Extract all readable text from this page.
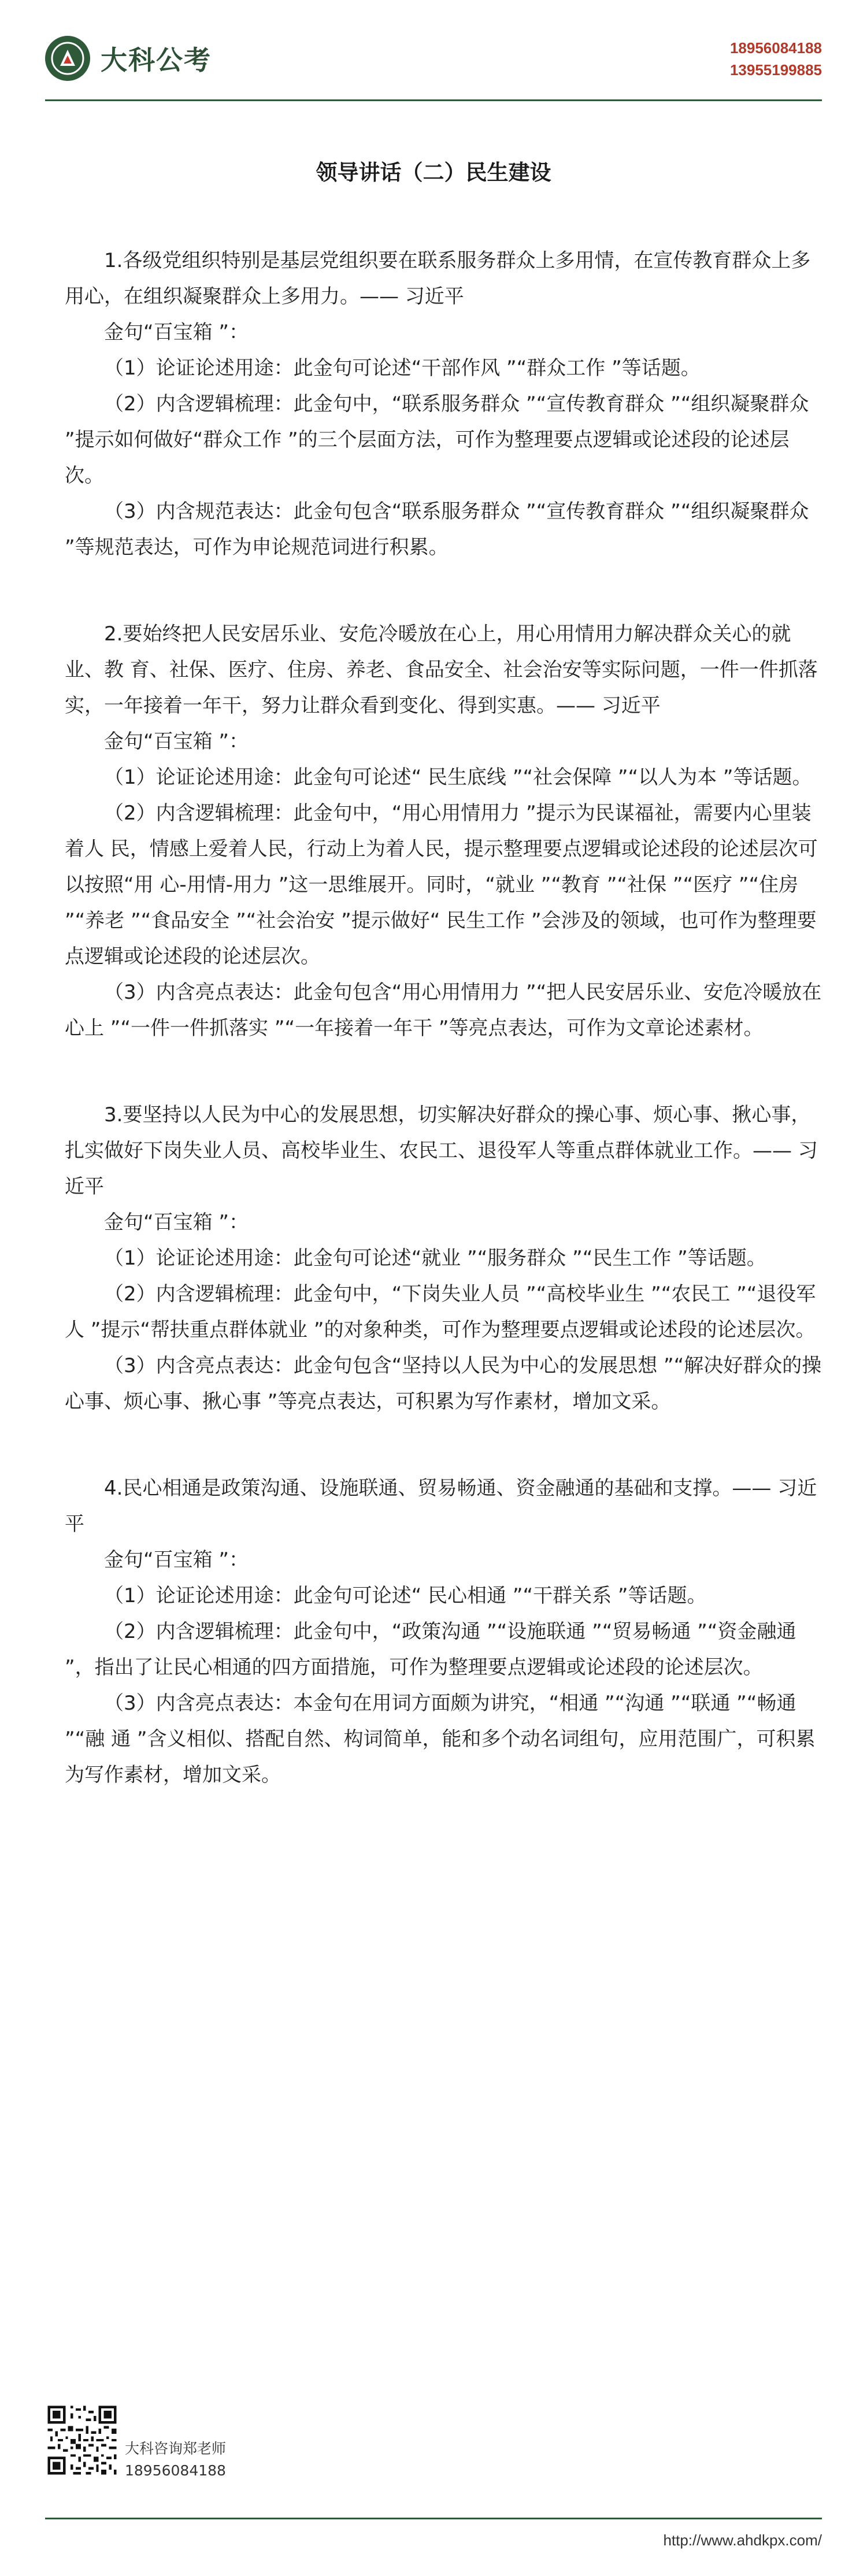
大科公考	18956084188
13955199885
领导讲话（二）民生建设

1.各级党组织特别是基层党组织要在联系服务群众上多用情，在宣传教育群众上多用心，在组织凝聚群众上多用力。—— 习近平

金句“百宝箱 ”：

（1）论证论述用途：此金句可论述“干部作风 ”“群众工作 ”等话题。

（2）内含逻辑梳理：此金句中，“联系服务群众 ”“宣传教育群众 ”“组织凝聚群众 ”提示如何做好“群众工作 ”的三个层面方法，可作为整理要点逻辑或论述段的论述层次。

（3）内含规范表达：此金句包含“联系服务群众 ”“宣传教育群众 ”“组织凝聚群众 ”等规范表达，可作为申论规范词进行积累。

2.要始终把人民安居乐业、安危冷暖放在心上，用心用情用力解决群众关心的就业、教 育、社保、医疗、住房、养老、食品安全、社会治安等实际问题，一件一件抓落实，一年接着一年干，努力让群众看到变化、得到实惠。—— 习近平

金句“百宝箱 ”：

（1）论证论述用途：此金句可论述“ 民生底线 ”“社会保障 ”“以人为本 ”等话题。

（2）内含逻辑梳理：此金句中，“用心用情用力 ”提示为民谋福祉，需要内心里装着人 民，情感上爱着人民，行动上为着人民，提示整理要点逻辑或论述段的论述层次可以按照“用 心-用情-用力 ”这一思维展开。同时，“就业 ”“教育 ”“社保 ”“医疗 ”“住房 ”“养老 ”“食品安全 ”“社会治安 ”提示做好“ 民生工作 ”会涉及的领域，也可作为整理要点逻辑或论述段的论述层次。

（3）内含亮点表达：此金句包含“用心用情用力 ”“把人民安居乐业、安危冷暖放在心上 ”“一件一件抓落实 ”“一年接着一年干 ”等亮点表达，可作为文章论述素材。

3.要坚持以人民为中心的发展思想，切实解决好群众的操心事、烦心事、揪心事，扎实做好下岗失业人员、高校毕业生、农民工、退役军人等重点群体就业工作。—— 习近平

金句“百宝箱 ”：

（1）论证论述用途：此金句可论述“就业 ”“服务群众 ”“民生工作 ”等话题。

（2）内含逻辑梳理：此金句中，“下岗失业人员 ”“高校毕业生 ”“农民工 ”“退役军人 ”提示“帮扶重点群体就业 ”的对象种类，可作为整理要点逻辑或论述段的论述层次。

（3）内含亮点表达：此金句包含“坚持以人民为中心的发展思想 ”“解决好群众的操心事、烦心事、揪心事 ”等亮点表达，可积累为写作素材，增加文采。

4.民心相通是政策沟通、设施联通、贸易畅通、资金融通的基础和支撑。—— 习近平

金句“百宝箱 ”：

（1）论证论述用途：此金句可论述“ 民心相通 ”“干群关系 ”等话题。

（2）内含逻辑梳理：此金句中，“政策沟通 ”“设施联通 ”“贸易畅通 ”“资金融通 ”，指出了让民心相通的四方面措施，可作为整理要点逻辑或论述段的论述层次。

（3）内含亮点表达：本金句在用词方面颇为讲究，“相通 ”“沟通 ”“联通 ”“畅通 ”“融 通 ”含义相似、搭配自然、构词简单，能和多个动名词组句，应用范围广，可积累为写作素材，增加文采。

大科咨询郑老师
18956084188
http://www.ahdkpx.com/
